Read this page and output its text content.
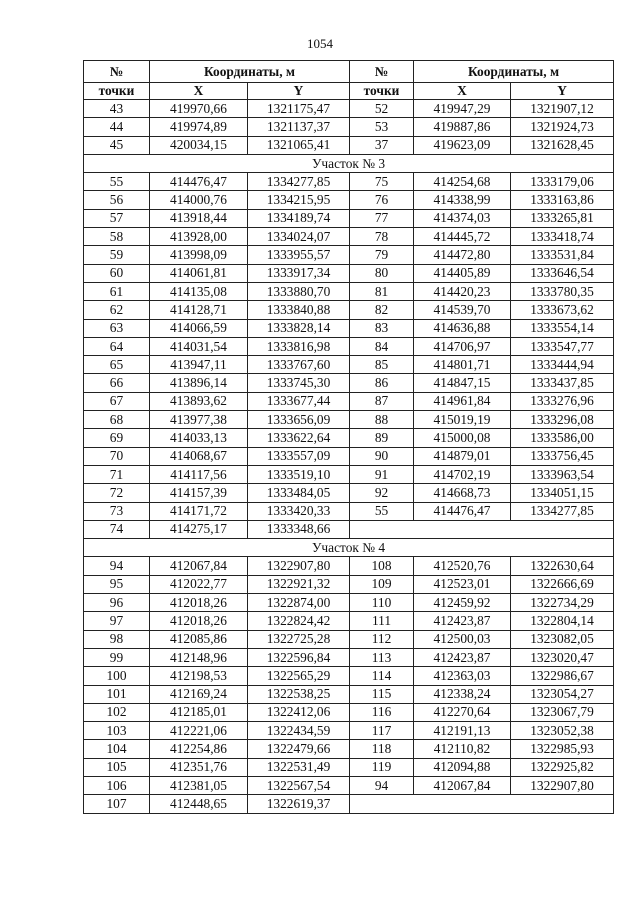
1054
№	Координаты, м		№	Координаты, м	
точки	X	Y	точки	X	Y
43	419970,66	1321175,47	52	419947,29	1321907,12
44	419974,89	1321137,37	53	419887,86	1321924,73
45	420034,15	1321065,41	37	419623,09	1321628,45
Участок № 3					
55	414476,47	1334277,85	75	414254,68	1333179,06
56	414000,76	1334215,95	76	414338,99	1333163,86
57	413918,44	1334189,74	77	414374,03	1333265,81
58	413928,00	1334024,07	78	414445,72	1333418,74
59	413998,09	1333955,57	79	414472,80	1333531,84
60	414061,81	1333917,34	80	414405,89	1333646,54
61	414135,08	1333880,70	81	414420,23	1333780,35
62	414128,71	1333840,88	82	414539,70	1333673,62
63	414066,59	1333828,14	83	414636,88	1333554,14
64	414031,54	1333816,98	84	414706,97	1333547,77
65	413947,11	1333767,60	85	414801,71	1333444,94
66	413896,14	1333745,30	86	414847,15	1333437,85
67	413893,62	1333677,44	87	414961,84	1333276,96
68	413977,38	1333656,09	88	415019,19	1333296,08
69	414033,13	1333622,64	89	415000,08	1333586,00
70	414068,67	1333557,09	90	414879,01	1333756,45
71	414117,56	1333519,10	91	414702,19	1333963,54
72	414157,39	1333484,05	92	414668,73	1334051,15
73	414171,72	1333420,33	55	414476,47	1334277,85
74	414275,17	1333348,66			
Участок № 4					
94	412067,84	1322907,80	108	412520,76	1322630,64
95	412022,77	1322921,32	109	412523,01	1322666,69
96	412018,26	1322874,00	110	412459,92	1322734,29
97	412018,26	1322824,42	111	412423,87	1322804,14
98	412085,86	1322725,28	112	412500,03	1323082,05
99	412148,96	1322596,84	113	412423,87	1323020,47
100	412198,53	1322565,29	114	412363,03	1322986,67
101	412169,24	1322538,25	115	412338,24	1323054,27
102	412185,01	1322412,06	116	412270,64	1323067,79
103	412221,06	1322434,59	117	412191,13	1323052,38
104	412254,86	1322479,66	118	412110,82	1322985,93
105	412351,76	1322531,49	119	412094,88	1322925,82
106	412381,05	1322567,54	94	412067,84	1322907,80
107	412448,65	1322619,37			
